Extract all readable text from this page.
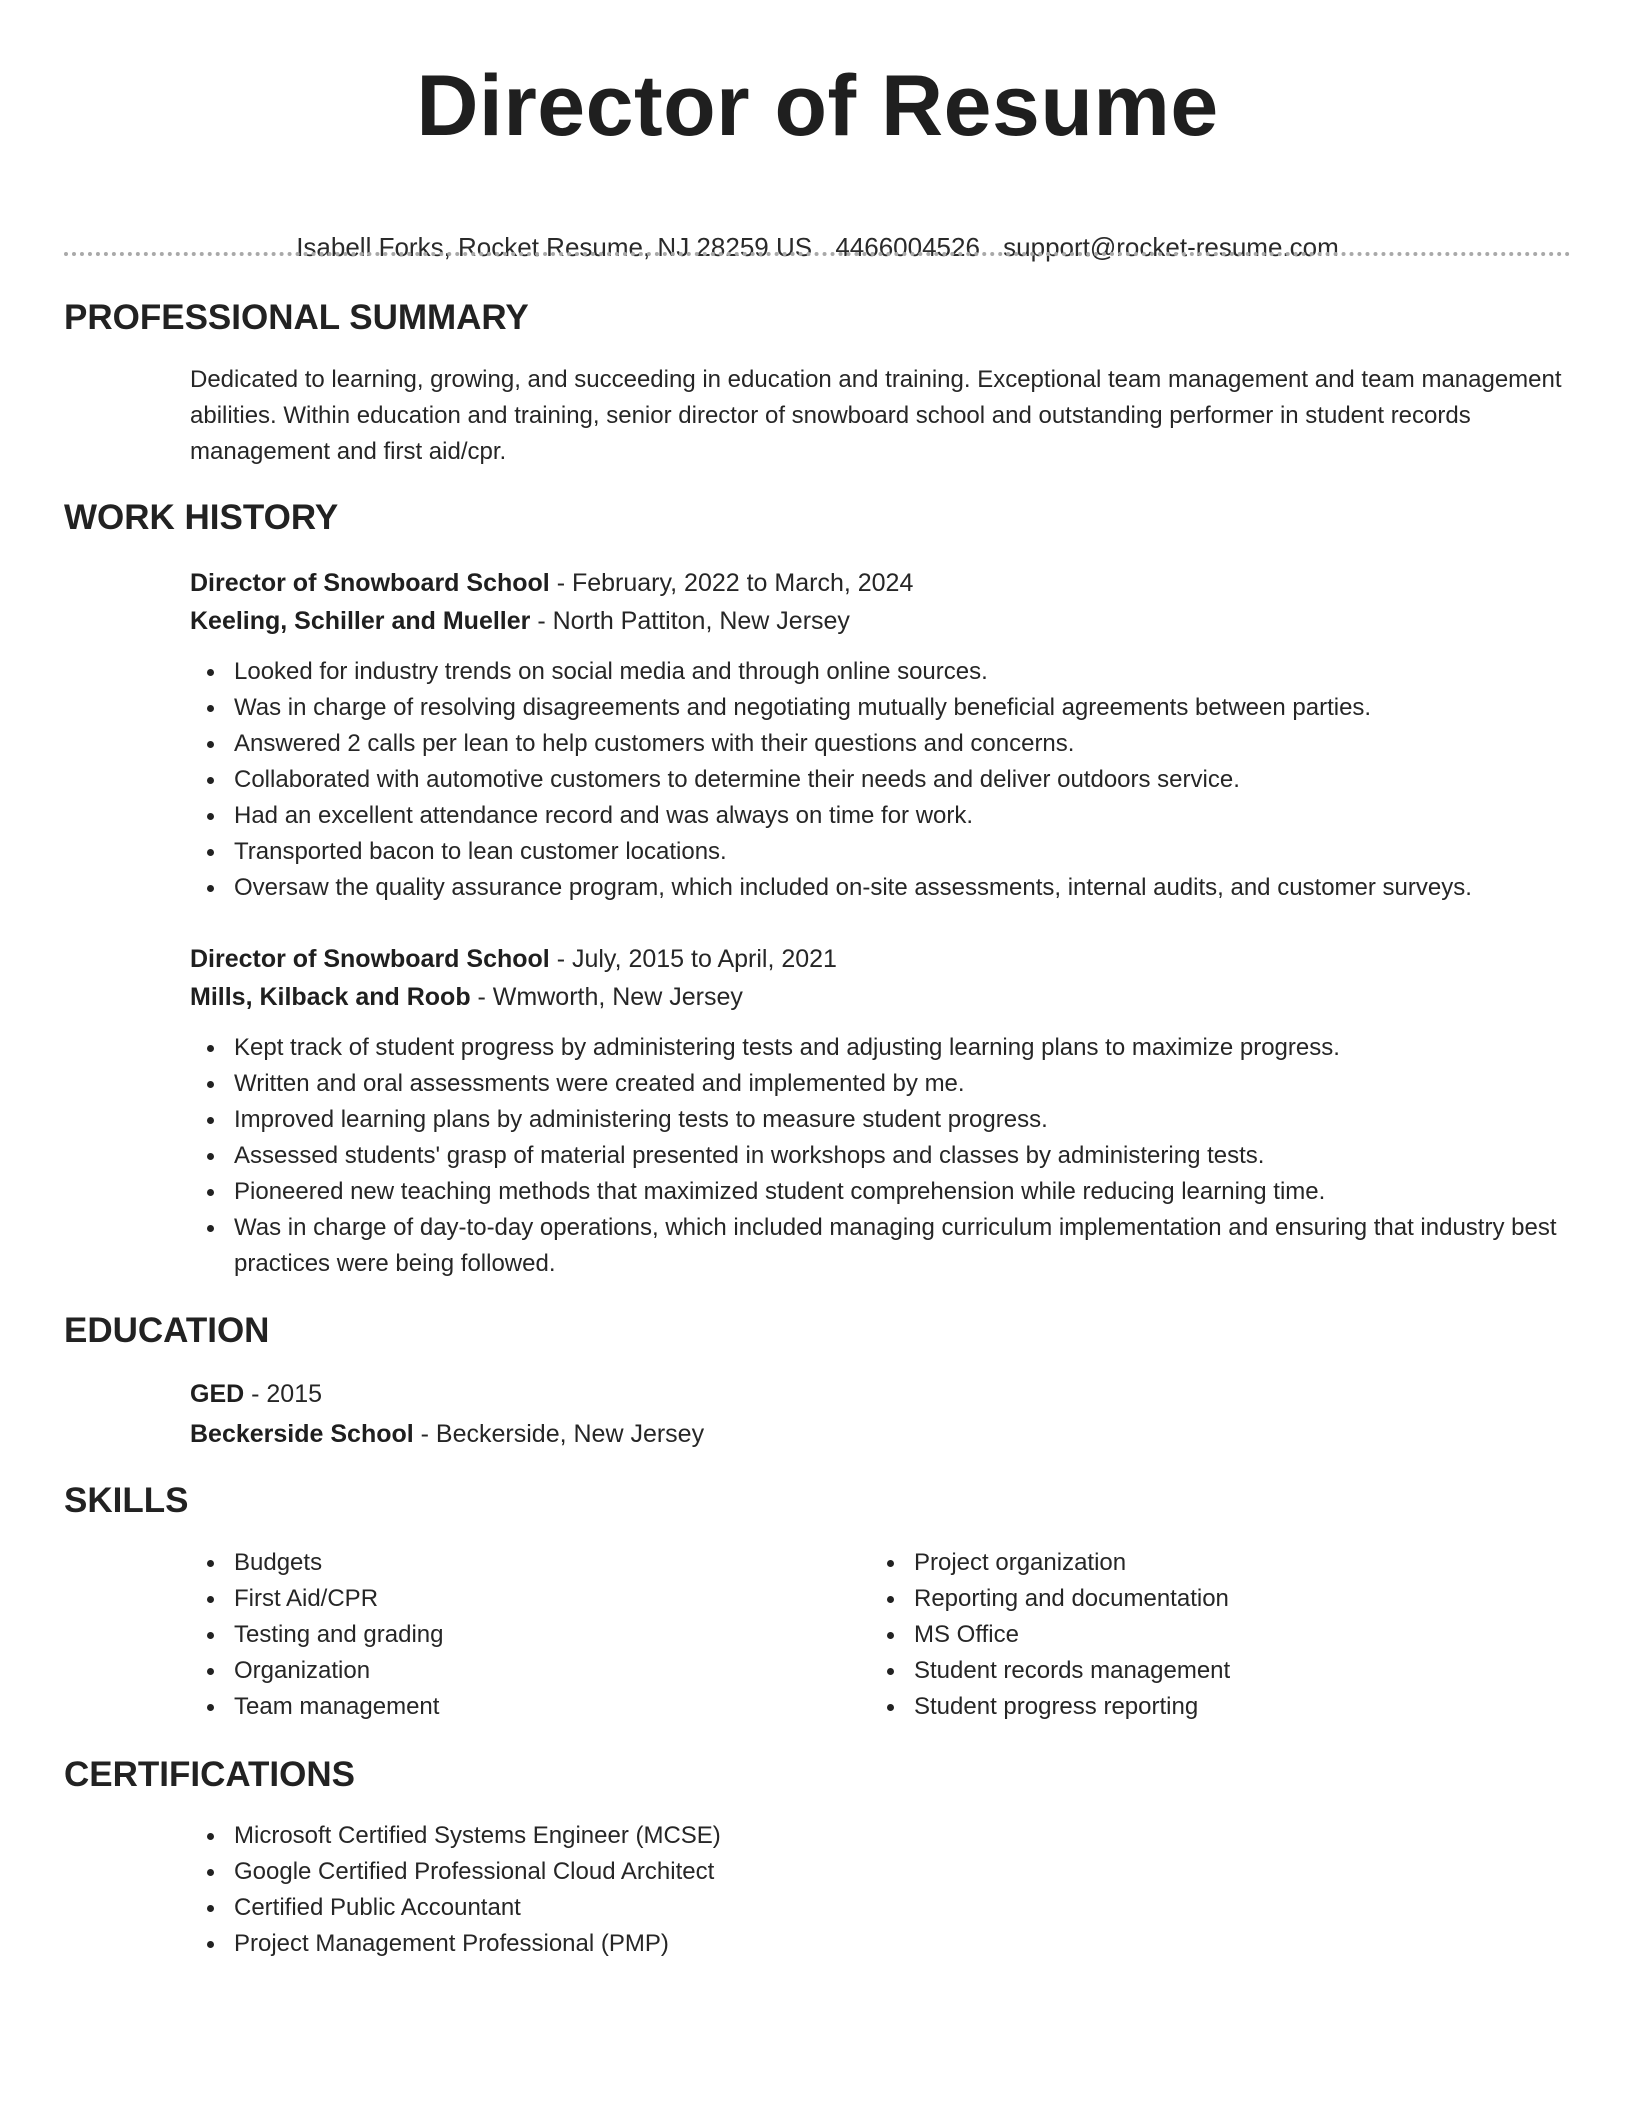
Director of Resume
Isabell Forks, Rocket Resume, NJ 28259 US 4466004526 support@rocket-resume.com
PROFESSIONAL SUMMARY

Dedicated to learning, growing, and succeeding in education and training. Exceptional team management and team management abilities. Within education and training, senior director of snowboard school and outstanding performer in student records management and first aid/cpr.

WORK HISTORY

Director of Snowboard School - February, 2022 to March, 2024

Keeling, Schiller and Mueller - North Pattiton, New Jersey

Looked for industry trends on social media and through online sources.
Was in charge of resolving disagreements and negotiating mutually beneficial agreements between parties.
Answered 2 calls per lean to help customers with their questions and concerns.
Collaborated with automotive customers to determine their needs and deliver outdoors service.
Had an excellent attendance record and was always on time for work.
Transported bacon to lean customer locations.
Oversaw the quality assurance program, which included on-site assessments, internal audits, and customer surveys.

Director of Snowboard School - July, 2015 to April, 2021

Mills, Kilback and Roob - Wmworth, New Jersey

Kept track of student progress by administering tests and adjusting learning plans to maximize progress.
Written and oral assessments were created and implemented by me.
Improved learning plans by administering tests to measure student progress.
Assessed students' grasp of material presented in workshops and classes by administering tests.
Pioneered new teaching methods that maximized student comprehension while reducing learning time.
Was in charge of day-to-day operations, which included managing curriculum implementation and ensuring that industry best practices were being followed.
EDUCATION

GED - 2015

Beckerside School - Beckerside, New Jersey

SKILLS
Budgets
First Aid/CPR
Testing and grading
Organization
Team management
Project organization
Reporting and documentation
MS Office
Student records management
Student progress reporting
CERTIFICATIONS
Microsoft Certified Systems Engineer (MCSE)
Google Certified Professional Cloud Architect
Certified Public Accountant
Project Management Professional (PMP)
